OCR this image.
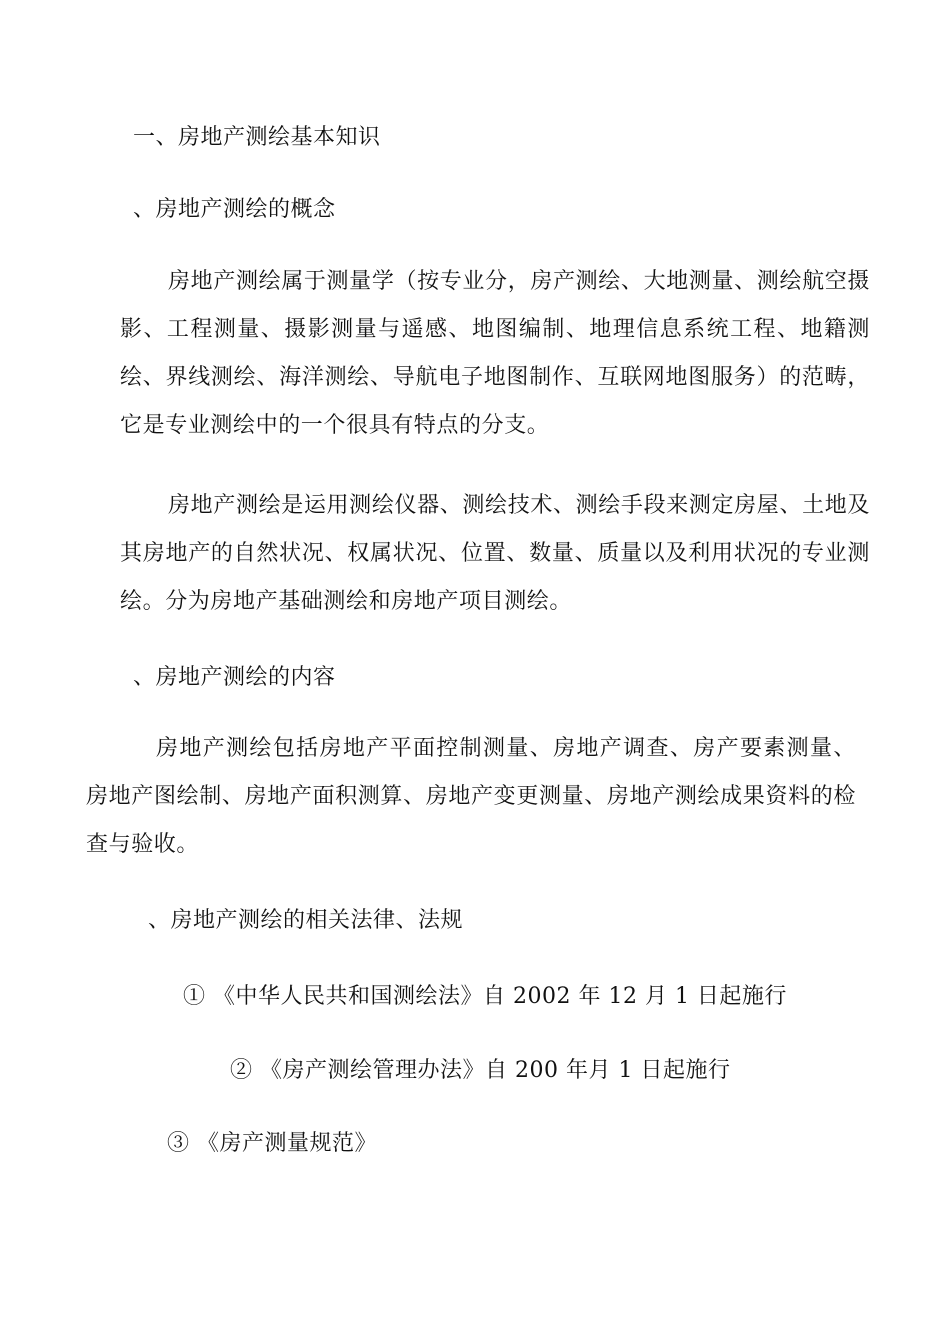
一、房地产测绘基本知识
、房地产测绘的概念
房地产测绘属于测量学（按专业分，房产测绘、大地测量、测绘航空摄影、工程测量、摄影测量与遥感、地图编制、地理信息系统工程、地籍测绘、界线测绘、海洋测绘、导航电子地图制作、互联网地图服务）的范畴，它是专业测绘中的一个很具有特点的分支。
房地产测绘是运用测绘仪器、测绘技术、测绘手段来测定房屋、土地及其房地产的自然状况、权属状况、位置、数量、质量以及利用状况的专业测绘。分为房地产基础测绘和房地产项目测绘。
、房地产测绘的内容
房地产测绘包括房地产平面控制测量、房地产调查、房产要素测量、房地产图绘制、房地产面积测算、房地产变更测量、房地产测绘成果资料的检查与验收。
、房地产测绘的相关法律、法规
① 《中华人民共和国测绘法》自 2002 年 12 月 1 日起施行
② 《房产测绘管理办法》自 200 年月 1 日起施行
③ 《房产测量规范》
